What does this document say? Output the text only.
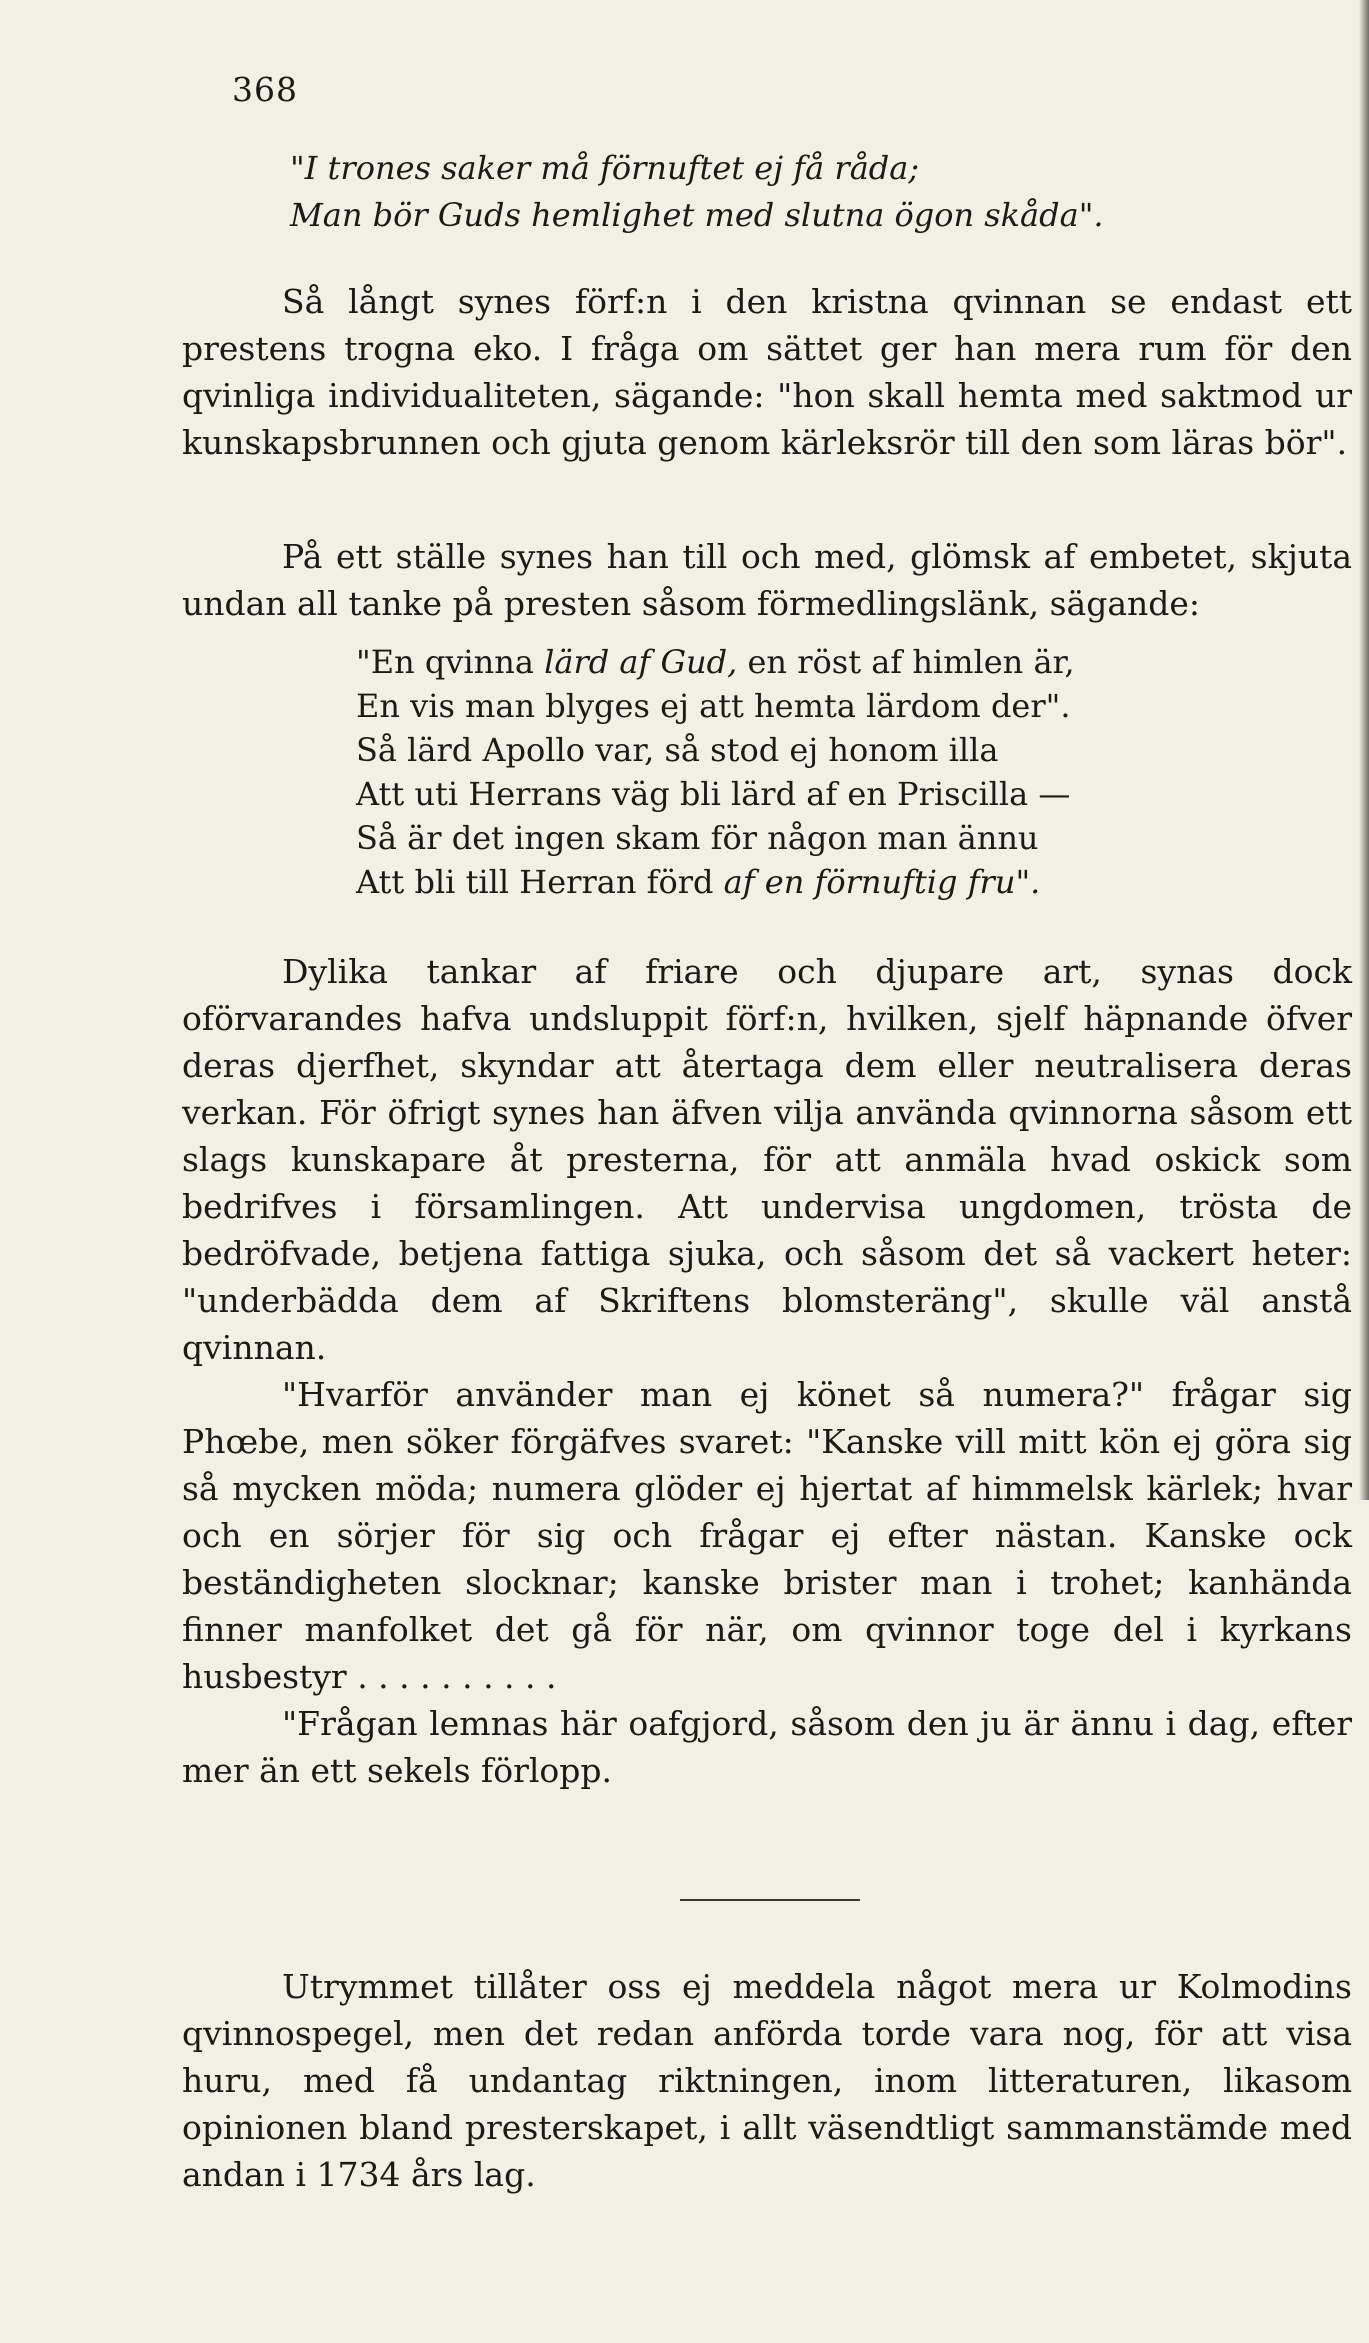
368
"I trones saker må förnuftet ej få råda;
Man bör Guds hemlighet med slutna ögon skåda".

Så långt synes förf:n i den kristna qvinnan se endast ett prestens trogna eko. I fråga om sättet ger han mera rum för den qvinliga individualiteten, sägande: "hon skall hemta med saktmod ur kunskapsbrunnen och gjuta genom kärleksrör till den som läras bör".

På ett ställe synes han till och med, glömsk af embetet, skjuta undan all tanke på presten såsom förmedlingslänk, sägande:

"En qvinna lärd af Gud, en röst af himlen är,
En vis man blyges ej att hemta lärdom der".
Så lärd Apollo var, så stod ej honom illa
Att uti Herrans väg bli lärd af en Priscilla —
Så är det ingen skam för någon man ännu
Att bli till Herran förd af en förnuftig fru".

Dylika tankar af friare och djupare art, synas dock oförvarandes hafva undsluppit förf:n, hvilken, sjelf häpnande öfver deras djerfhet, skyndar att återtaga dem eller neutralisera deras verkan. För öfrigt synes han äfven vilja använda qvinnorna såsom ett slags kunskapare åt presterna, för att anmäla hvad oskick som bedrifves i församlingen. Att undervisa ungdomen, trösta de bedröfvade, betjena fattiga sjuka, och såsom det så vackert heter: "underbädda dem af Skriftens blomsteräng", skulle väl anstå qvinnan.

"Hvarför använder man ej könet så numera?" frågar sig Phœbe, men söker förgäfves svaret: "Kanske vill mitt kön ej göra sig så mycken möda; numera glöder ej hjertat af himmelsk kärlek; hvar och en sörjer för sig och frågar ej efter nästan. Kanske ock beständigheten slocknar; kanske brister man i trohet; kanhända finner manfolket det gå för när, om qvinnor toge del i kyrkans husbestyr . . . . . . . . . .

"Frågan lemnas här oafgjord, såsom den ju är ännu i dag, efter mer än ett sekels förlopp.

Utrymmet tillåter oss ej meddela något mera ur Kolmodins qvinnospegel, men det redan anförda torde vara nog, för att visa huru, med få undantag riktningen, inom litteraturen, likasom opinionen bland presterskapet, i allt väsendtligt sammanstämde med andan i 1734 års lag.
